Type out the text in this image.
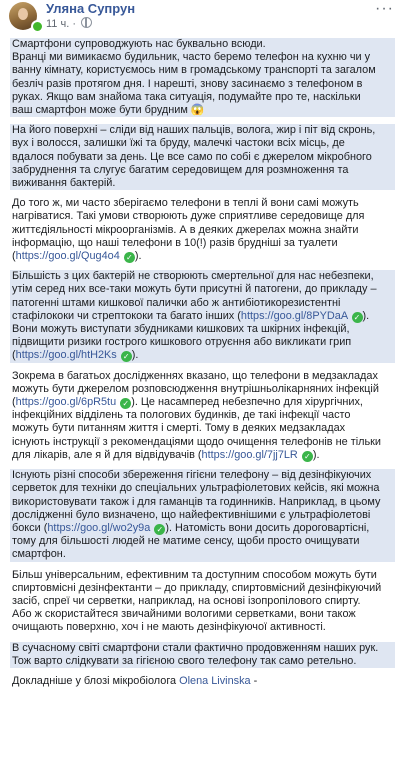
Уляна Супрун
11 ч. ·
···
Смартфони супроводжують нас буквально всюди.
Вранці ми вимикаємо будильник, часто беремо телефон на кухню чи у
ванну кімнату, користуємось ним в громадському транспорті та загалом
безліч разів протягом дня. І нарешті, знову засинаємо з телефоном в
руках. Якщо вам знайома така ситуація, подумайте про те, наскільки
ваш смартфон може бути брудним 😱
На його поверхні – сліди від наших пальців, волога, жир і піт від скронь,
вух і волосся, залишки їжі та бруду, малечкі частоки всіх місць, де
вдалося побувати за день. Це все само по собі є джерелом мікробного
забруднення та слугує багатим середовищем для розмноження та
виживання бактерій.
До того ж, ми часто зберігаємо телефони в теплі й вони самі можуть
нагріватися. Такі умови створюють дуже сприятливе середовище для
життєдіяльності мікроорганізмів. А в деяких джерелах можна знайти
інформацію, що наші телефони в 10(!) разів брудніші за туалети
(https://goo.gl/Qug4o4 ✓ ).
Більшість з цих бактерій не створюють смертельної для нас небезпеки,
утім серед них все-таки можуть бути присутні й патогени, до прикладу –
патогенні штами кишкової палички або ж антибіотикорезистентні
стафілококи чи стрептококи та багато інших (https://goo.gl/8PYDaA ✓ ).
Вони можуть виступати збудниками кишкових та шкірних інфекцій,
підвищити ризики гострого кишкового отруєння або викликати грип
(https://goo.gl/htH2Ks ✓ ).
Зокрема в багатьох дослідженнях вказано, що телефони в медзакладах
можуть бути джерелом розповсюдження внутрішньолікарняних інфекцій
(https://goo.gl/6pR5tu ✓ ). Це насамперед небезпечно для хірургічних,
інфекційних відділень та пологових будинків, де такі інфекції часто
можуть бути питанням життя і смерті. Тому в деяких медзакладах
існують інструкції з рекомендаціями щодо очищення телефонів не тільки
для лікарів, але я й для відвідувачів (https://goo.gl/7jj7LR ✓ ).
Існують різні способи збереження гігієни телефону – від дезінфікуючих
серветок для техніки до спеціальних ультрафіолетових кейсів, які можна
використовувати також і для гаманців та годинників. Наприклад, в цьому
дослідженні було визначено, що найефективнішими є ультрафіолетові
бокси (https://goo.gl/wo2y9a ✓ ). Натомість вони досить дороговартісні,
тому для більшості людей не матиме сенсу, щоби просто очищувати
смартфон.
Більш універсальним, ефективним та доступним способом можуть бути
спиртовмісні дезінфектанти – до прикладу, спиртовмісний дезінфікуючий
засіб, спреї чи серветки, наприклад, на основі ізопропілового спирту.
Або ж скористайтеся звичайними вологими серветками, вони також
очищають поверхню, хоч і не мають дезінфікуючої активності.
В сучасному світі смартфони стали фактично продовженням наших рук.
Тож варто слідкувати за гігієною свого телефону так само ретельно.
Докладніше у блозі мікробіолога Olena Livinska -
